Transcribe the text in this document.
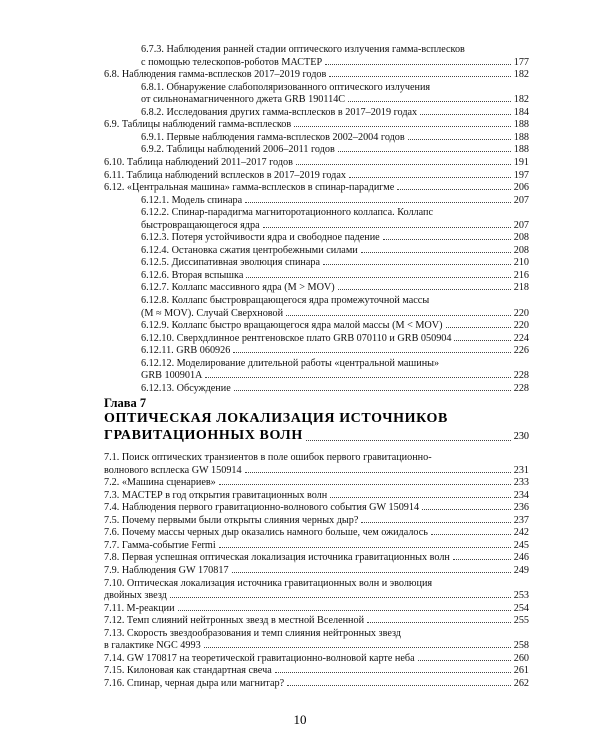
6.7.3. Наблюдения ранней стадии оптического излучения гамма-всплесков
с помощью телескопов-роботов МАСТЕР	177
6.8. Наблюдения гамма-всплесков 2017–2019 годов	182
6.8.1. Обнаружение слабополяризованного оптического излучения
от сильнонамагниченного джета GRB 190114C	182
6.8.2. Исследования других гамма-всплесков в 2017–2019 годах	184
6.9. Таблицы наблюдений гамма-всплесков	188
6.9.1. Первые наблюдения гамма-всплесков 2002–2004 годов	188
6.9.2. Таблицы наблюдений 2006–2011 годов	188
6.10. Таблица наблюдений 2011–2017 годов	191
6.11. Таблица наблюдений всплесков в 2017–2019 годах	197
6.12. «Центральная машина» гамма-всплесков в спинар-парадигме	206
6.12.1. Модель спинара	207
6.12.2. Спинар-парадигма магниторотационного коллапса. Коллапс
быстровращающегося ядра	207
6.12.3. Потеря устойчивости ядра и свободное падение	208
6.12.4. Остановка сжатия центробежными силами	208
6.12.5. Диссипативная эволюция спинара	210
6.12.6. Вторая вспышка	216
6.12.7. Коллапс массивного ядра (M > MOV)	218
6.12.8. Коллапс быстровращающегося ядра промежуточной массы
(M ≈ MOV). Случай Сверхновой	220
6.12.9. Коллапс быстро вращающегося ядра малой массы (M < MOV)	220
6.12.10. Сверхдлинное рентгеновское плато GRB 070110 и GRB 050904	224
6.12.11. GRB 060926	226
6.12.12. Моделирование длительной работы «центральной машины»
GRB 100901A	228
6.12.13. Обсуждение	228
Глава 7
ОПТИЧЕСКАЯ ЛОКАЛИЗАЦИЯ ИСТОЧНИКОВ
ГРАВИТАЦИОННЫХ ВОЛН	230
7.1. Поиск оптических транзиентов в поле ошибок первого гравитационно-
волнового всплеска GW 150914	231
7.2. «Машина сценариев»	233
7.3. МАСТЕР в год открытия гравитационных волн	234
7.4. Наблюдения первого гравитационно-волнового события GW 150914	236
7.5. Почему первыми были открыты слияния черных дыр?	237
7.6. Почему массы черных дыр оказались намного больше, чем ожидалось	242
7.7. Гамма-событие Fermi	245
7.8. Первая успешная оптическая локализация источника гравитационных волн	246
7.9. Наблюдения GW 170817	249
7.10. Оптическая локализация источника гравитационных волн и эволюция
двойных звезд	253
7.11. M-реакции	254
7.12. Темп слияний нейтронных звезд в местной Вселенной	255
7.13. Скорость звездообразования и темп слияния нейтронных звезд
в галактике NGC 4993	258
7.14. GW 170817 на теоретической гравитационно-волновой карте неба	260
7.15. Килоновая как стандартная свеча	261
7.16. Спинар, черная дыра или магнитар?	262
10
